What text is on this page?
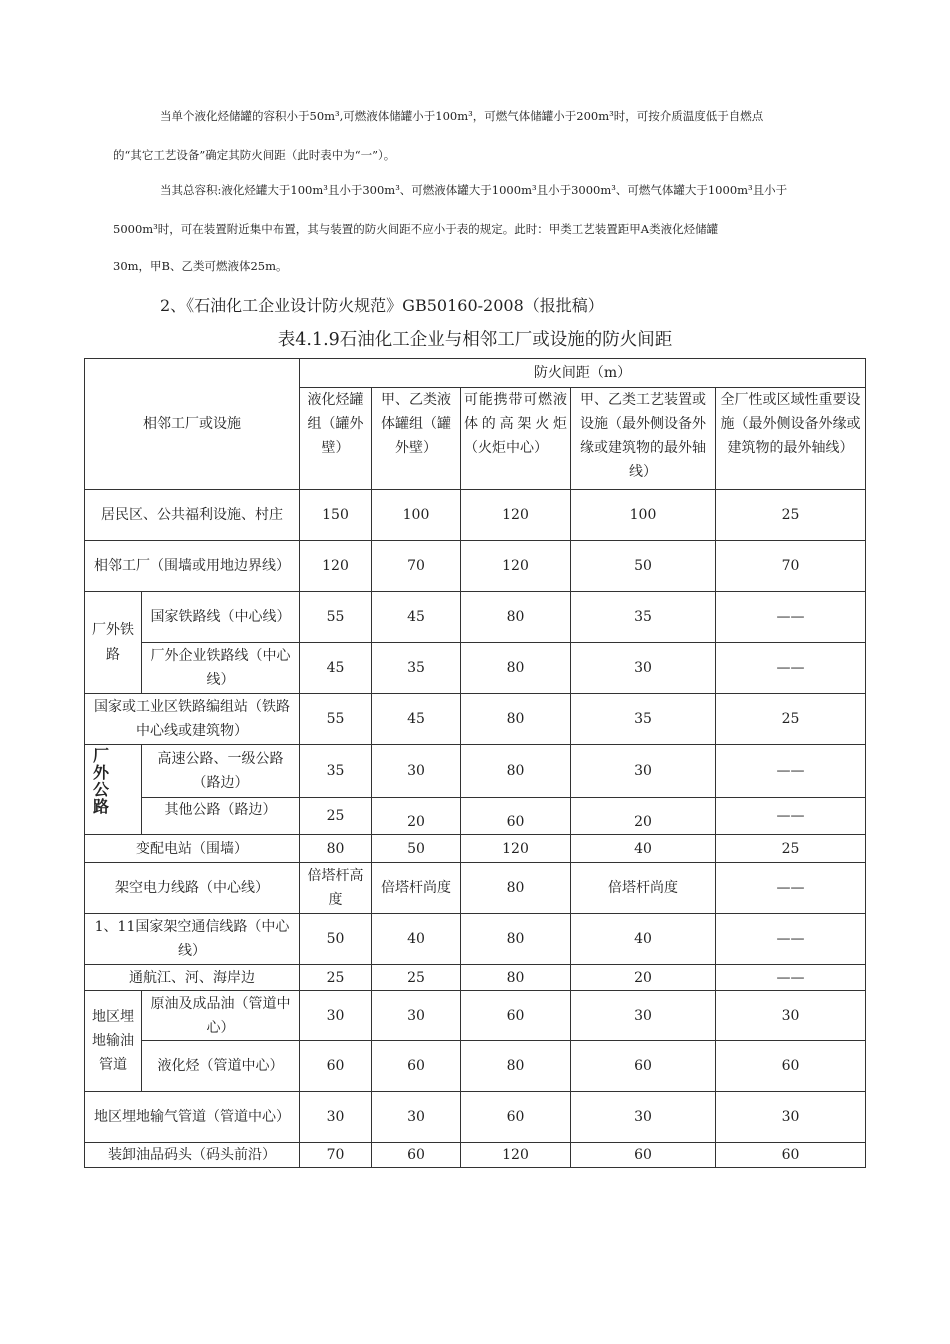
当单个液化烃储罐的容积小于50m³,可燃液体储罐小于100m³，可燃气体储罐小于200m³时，可按介质温度低于自燃点
的“其它工艺设备”确定其防火间距（此时表中为“一”）。
当其总容积:液化烃罐大于100m³且小于300m³、可燃液体罐大于1000m³且小于3000m³、可燃气体罐大于1000m³且小于
5000m³时，可在装置附近集中布置，其与装置的防火间距不应小于表的规定。此时：甲类工艺装置距甲A类液化烃储罐
30m，甲B、乙类可燃液体25m。
2、《石油化工企业设计防火规范》GB50160-2008（报批稿）
表4.1.9石油化工企业与相邻工厂或设施的防火间距
相邻工厂或设施		防火间距（m）				

		液化烃罐组（罐外壁）	甲、乙类液体罐组（罐外壁）	可能携带可燃液体的高架火炬（火炬中心）	甲、乙类工艺装置或设施（最外侧设备外缘或建筑物的最外轴线）	全厂性或区域性重要设施（最外侧设备外缘或建筑物的最外轴线）

居民区、公共福利设施、村庄		150	100	120	100	25
相邻工厂（围墙或用地边界线）		120	70	120	50	70
厂外铁路	国家铁路线（中心线）	55	45	80	35	——
	厂外企业铁路线（中心线）	45	35	80	30	——
国家或工业区铁路编组站（铁路中心线或建筑物）		55	45	80	35	25

厂外公路	高速公路、一级公路（路边）	35	30	80	30	——
	其他公路（路边）	25	20	60	20	——
变配电站（围墙）		80	50	120	40	25
架空电力线路（中心线）		倍塔杆高度	倍塔杆尚度	80	倍塔杆尚度	——
1、11国家架空通信线路（中心线）		50	40	80	40	——
通航江、河、海岸边		25	25	80	20	——

地区埋地输油管道	原油及成品油（管道中心）	30	30	60	30	30
	液化烃（管道中心）	60	60	80	60	60
地区埋地输气管道（管道中心）		30	30	60	30	30

装卸油品码头（码头前沿）		70	60	120	60	60
